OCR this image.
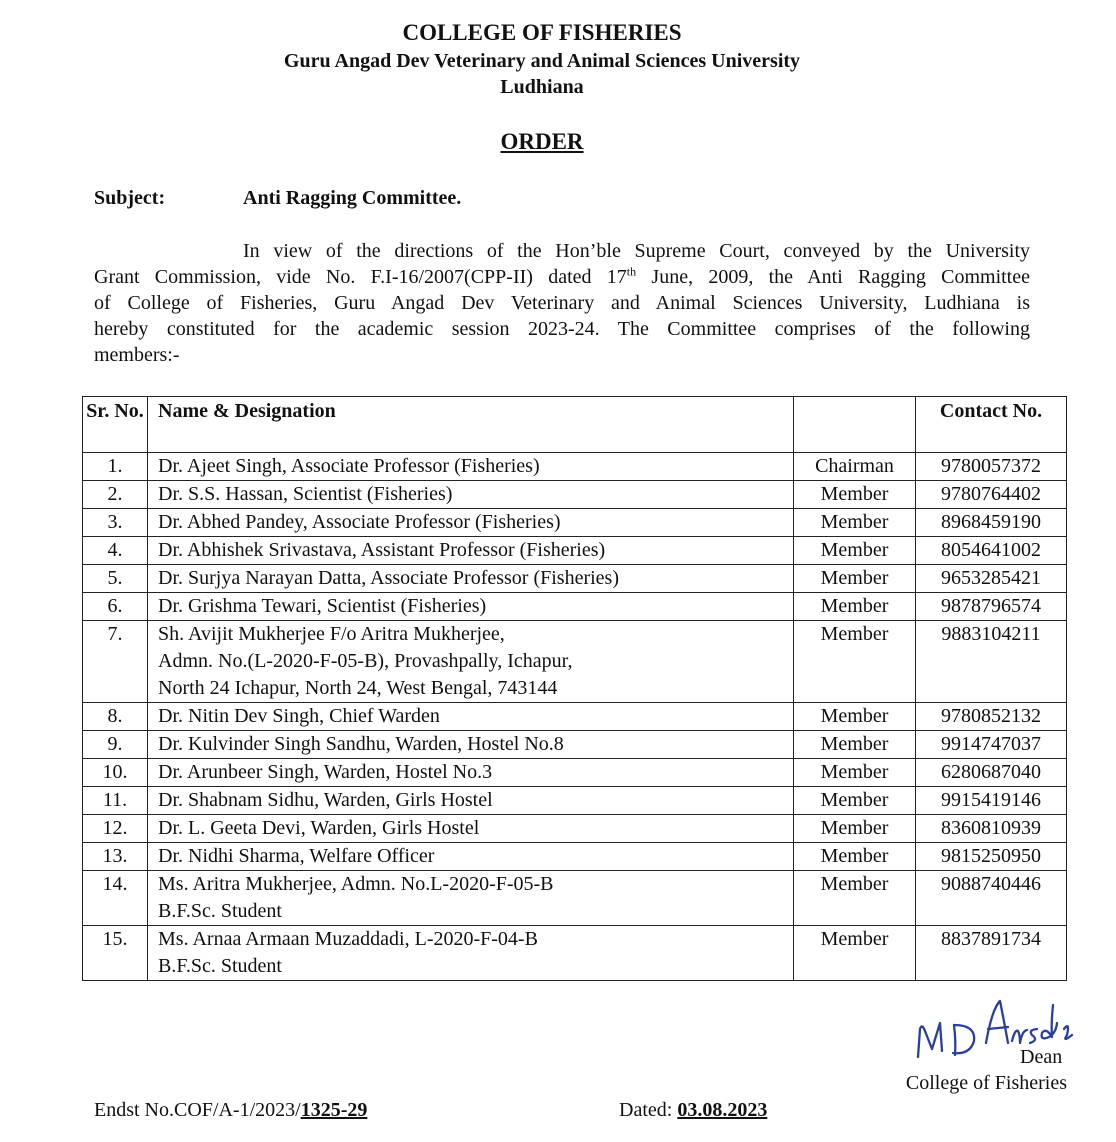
COLLEGE OF FISHERIES
Guru Angad Dev Veterinary and Animal Sciences University
Ludhiana
ORDER
Subject:	Anti Ragging Committee.
In view of the directions of the Hon’ble Supreme Court, conveyed by the University
Grant Commission, vide No. F.I-16/2007(CPP-II) dated 17th June, 2009, the Anti Ragging Committee
of College of Fisheries, Guru Angad Dev Veterinary and Animal Sciences University, Ludhiana is
hereby constituted for the academic session 2023-24. The Committee comprises of the following
members:-
Sr. No.	Name & Designation		Contact No.
1.	Dr. Ajeet Singh, Associate Professor (Fisheries)	Chairman	9780057372
2.	Dr. S.S. Hassan, Scientist (Fisheries)	Member	9780764402
3.	Dr. Abhed Pandey, Associate Professor (Fisheries)	Member	8968459190
4.	Dr. Abhishek Srivastava, Assistant Professor (Fisheries)	Member	8054641002
5.	Dr. Surjya Narayan Datta, Associate Professor (Fisheries)	Member	9653285421
6.	Dr. Grishma Tewari, Scientist (Fisheries)	Member	9878796574
7.	Sh. Avijit Mukherjee F/o Aritra Mukherjee,
Admn. No.(L-2020-F-05-B), Provashpally, Ichapur,
North 24 Ichapur, North 24, West Bengal, 743144	Member	9883104211
8.	Dr. Nitin Dev Singh, Chief Warden	Member	9780852132
9.	Dr. Kulvinder Singh Sandhu, Warden, Hostel No.8	Member	9914747037
10.	Dr. Arunbeer Singh, Warden, Hostel No.3	Member	6280687040
11.	Dr. Shabnam Sidhu, Warden, Girls Hostel	Member	9915419146
12.	Dr. L. Geeta Devi, Warden, Girls Hostel	Member	8360810939
13.	Dr. Nidhi Sharma, Welfare Officer	Member	9815250950
14.	Ms. Aritra Mukherjee, Admn. No.L-2020-F-05-B
B.F.Sc. Student	Member	9088740446
15.	Ms. Arnaa Armaan Muzaddadi, L-2020-F-04-B
B.F.Sc. Student	Member	8837891734
Dean
College of Fisheries
Endst No.COF/A-1/2023/1325-29	Dated: 03.08.2023
